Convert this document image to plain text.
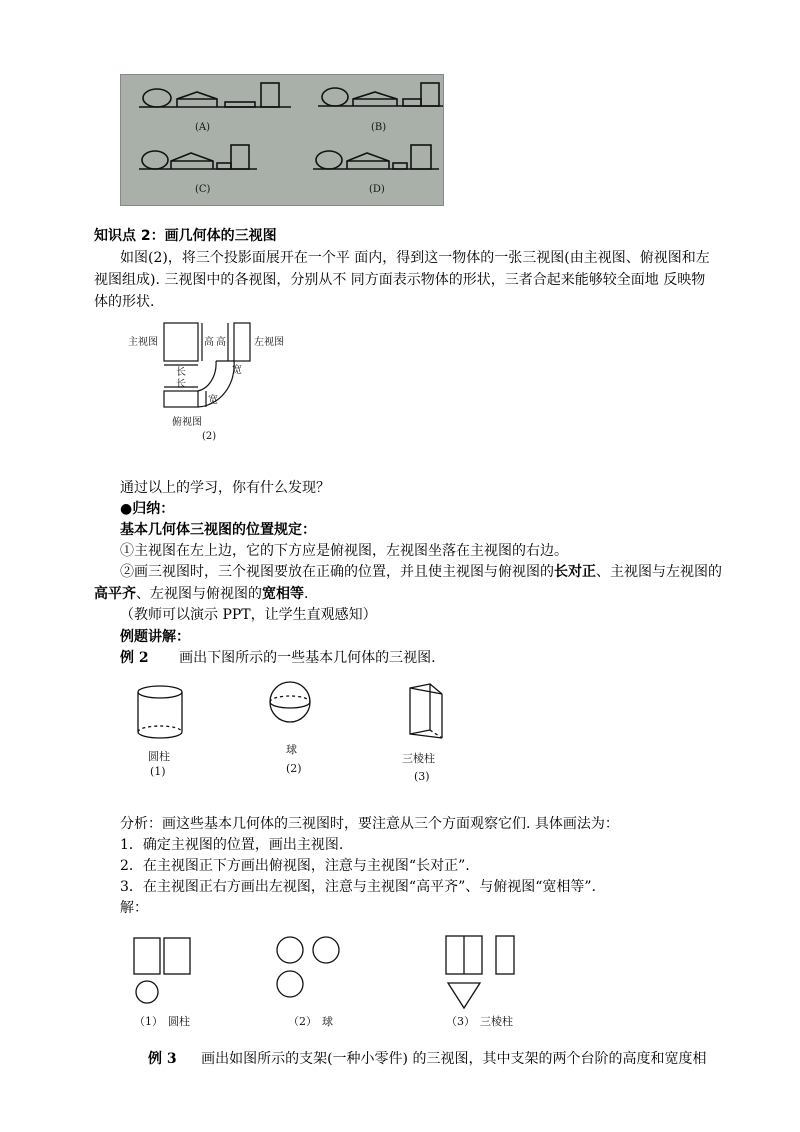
(A)	(B)
(C)	(D)
知识点 2：画几何体的三视图
如图(2)，将三个投影面展开在一个平 面内，得到这一物体的一张三视图(由主视图、俯视图和左
视图组成). 三视图中的各视图，分别从不 同方面表示物体的形状，三者合起来能够较全面地 反映物
体的形状.
主视图	左视图
俯视图
长
长
高 高
宽
宽
(2)
通过以上的学习，你有什么发现？
●归纳：
基本几何体三视图的位置规定：
①主视图在左上边，它的下方应是俯视图，左视图坐落在主视图的右边。
②画三视图时，三个视图要放在正确的位置，并且使主视图与俯视图的长对正、主视图与左视图的
高平齐、左视图与俯视图的宽相等.
（教师可以演示 PPT，让学生直观感知）
例题讲解：
例 2 画出下图所示的一些基本几何体的三视图.
圆柱
(1)
球
(2)
三棱柱
(3)
分析：画这些基本几何体的三视图时，要注意从三个方面观察它们. 具体画法为：
1．确定主视图的位置，画出主视图.
2．在主视图正下方画出俯视图，注意与主视图“长对正”.
3．在主视图正右方画出左视图，注意与主视图“高平齐”、与俯视图“宽相等”.
解：
（1） 圆柱	（2） 球	（3） 三棱柱
例 3 画出如图所示的支架(一种小零件) 的三视图，其中支架的两个台阶的高度和宽度相
